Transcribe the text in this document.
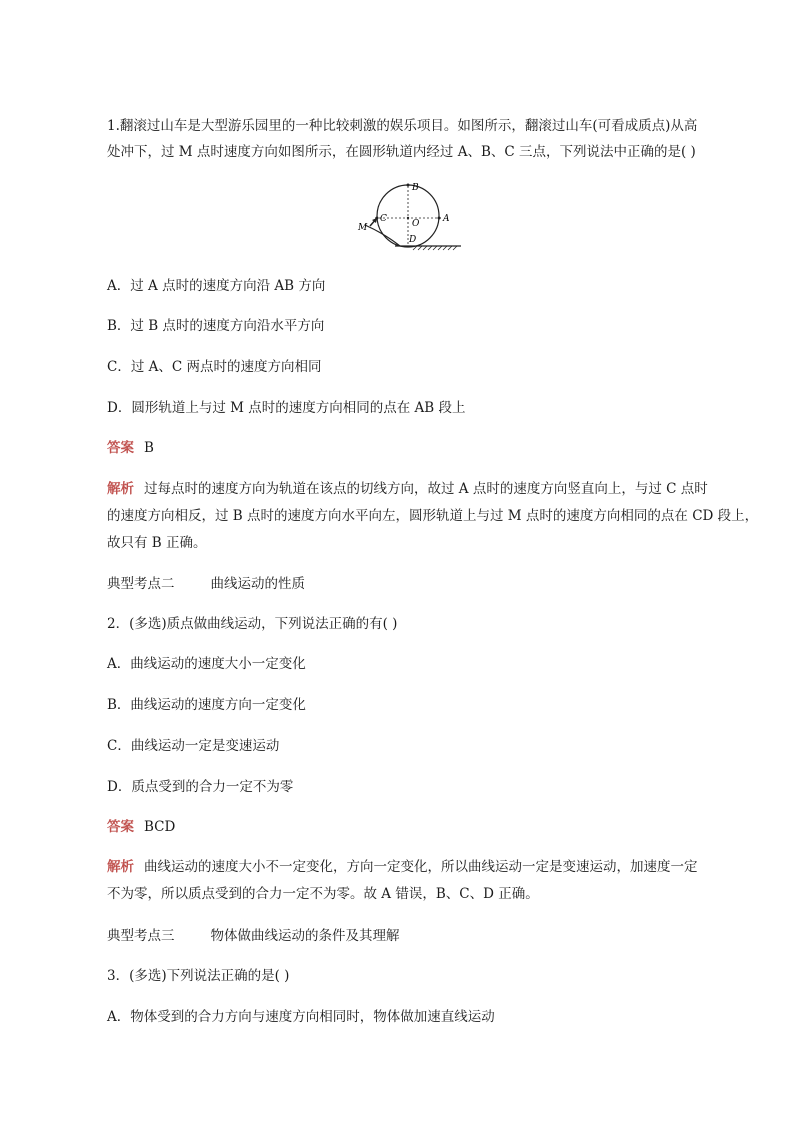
1.翻滚过山车是大型游乐园里的一种比较刺激的娱乐项目。如图所示，翻滚过山车(可看成质点)从高
处冲下，过 M 点时速度方向如图所示，在圆形轨道内经过 A、B、C 三点，下列说法中正确的是( )
B
C	O	A
D
M
A．过 A 点时的速度方向沿 AB 方向
B．过 B 点时的速度方向沿水平方向
C．过 A、C 两点时的速度方向相同
D．圆形轨道上与过 M 点时的速度方向相同的点在 AB 段上
答案 B
解析 过每点时的速度方向为轨道在该点的切线方向，故过 A 点时的速度方向竖直向上，与过 C 点时
的速度方向相反，过 B 点时的速度方向水平向左，圆形轨道上与过 M 点时的速度方向相同的点在 CD 段上，
故只有 B 正确。
典型考点二	曲线运动的性质
2．(多选)质点做曲线运动，下列说法正确的有( )
A．曲线运动的速度大小一定变化
B．曲线运动的速度方向一定变化
C．曲线运动一定是变速运动
D．质点受到的合力一定不为零
答案 BCD
解析 曲线运动的速度大小不一定变化，方向一定变化，所以曲线运动一定是变速运动，加速度一定
不为零，所以质点受到的合力一定不为零。故 A 错误，B、C、D 正确。
典型考点三	物体做曲线运动的条件及其理解
3．(多选)下列说法正确的是( )
A．物体受到的合力方向与速度方向相同时，物体做加速直线运动
